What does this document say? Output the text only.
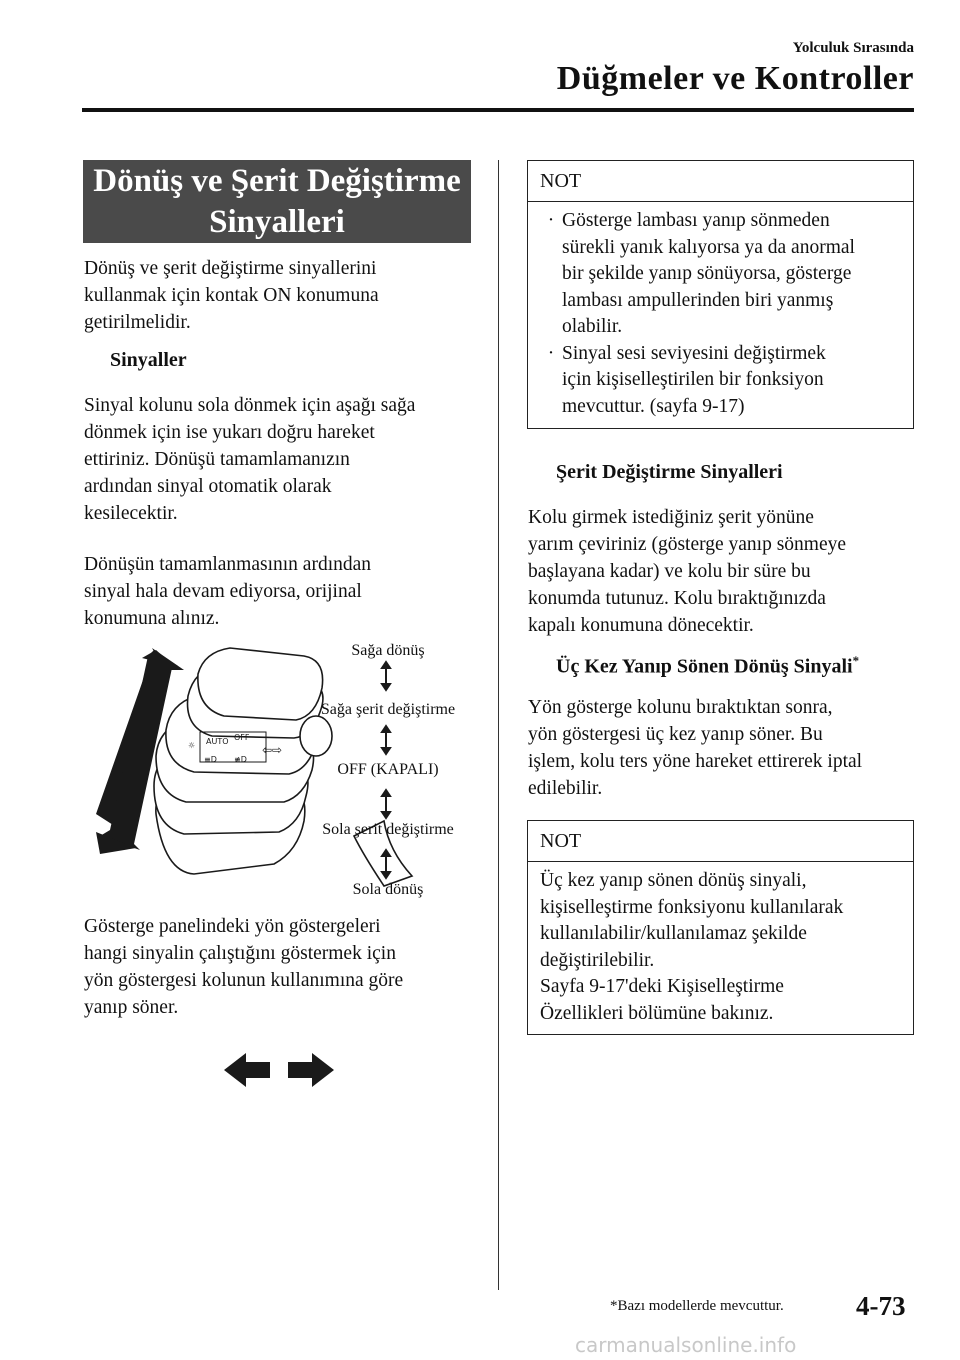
Yolculuk Sırasında
Düğmeler ve Kontroller
Dönüş ve Şerit Değiştirme
Sinyalleri
Dönüş ve şerit değiştirme sinyallerini
kullanmak için kontak ON konumuna
getirilmelidir.
Sinyaller
Sinyal kolunu sola dönmek için aşağı sağa
dönmek için ise yukarı doğru hareket
ettiriniz. Dönüşü tamamlamanızın
ardından sinyal otomatik olarak
kesilecektir.
Dönüşün tamamlanmasının ardından
sinyal hala devam ediyorsa, orijinal
konumuna alınız.
☼ AUTO OFF
≡D ≢D
⇦⇨
Sağa dönüş
Sağa şerit değiştirme
OFF (KAPALI)
Sola şerit değiştirme
Sola dönüş
Gösterge panelindeki yön göstergeleri
hangi sinyalin çalıştığını göstermek için
yön göstergesi kolunun kullanımına göre
yanıp söner.
NOT
· Gösterge lambası yanıp sönmeden
sürekli yanık kalıyorsa ya da anormal
bir şekilde yanıp sönüyorsa, gösterge
lambası ampullerinden biri yanmış
olabilir.
· Sinyal sesi seviyesini değiştirmek
için kişiselleştirilen bir fonksiyon
mevcuttur. (sayfa 9-17)
Şerit Değiştirme Sinyalleri
Kolu girmek istediğiniz şerit yönüne
yarım çeviriniz (gösterge yanıp sönmeye
başlayana kadar) ve kolu bir süre bu
konumda tutunuz. Kolu bıraktığınızda
kapalı konumuna dönecektir.
Üç Kez Yanıp Sönen Dönüş Sinyali*
Yön gösterge kolunu bıraktıktan sonra,
yön göstergesi üç kez yanıp söner. Bu
işlem, kolu ters yöne hareket ettirerek iptal
edilebilir.
NOT
Üç kez yanıp sönen dönüş sinyali,
kişiselleştirme fonksiyonu kullanılarak
kullanılabilir/kullanılamaz şekilde
değiştirilebilir.
Sayfa 9-17'deki Kişiselleştirme
Özellikleri bölümüne bakınız.
*Bazı modellerde mevcuttur.	4-73
carmanualsonline.info
